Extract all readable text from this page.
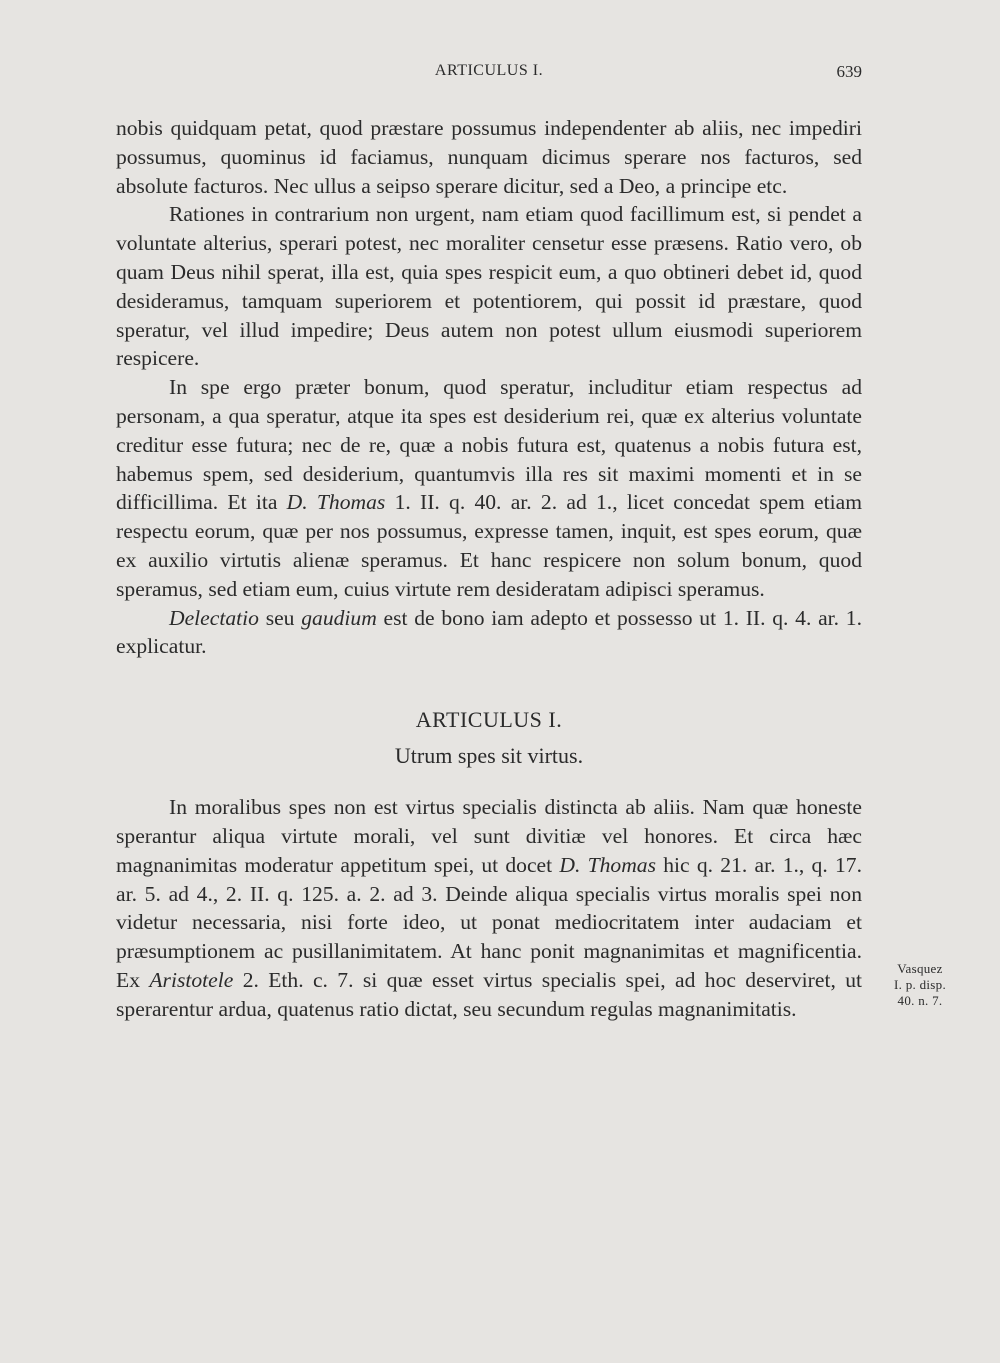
ARTICULUS I.	639

nobis quidquam petat, quod præstare possumus independenter ab aliis, nec impediri possumus, quominus id faciamus, nunquam dicimus sperare nos facturos, sed absolute facturos. Nec ullus a seipso sperare dicitur, sed a Deo, a principe etc.

Rationes in contrarium non urgent, nam etiam quod facillimum est, si pendet a voluntate alterius, sperari potest, nec moraliter censetur esse præsens. Ratio vero, ob quam Deus nihil sperat, illa est, quia spes respicit eum, a quo obtineri debet id, quod desideramus, tamquam superiorem et potentiorem, qui possit id præstare, quod speratur, vel illud impedire; Deus autem non potest ullum eiusmodi superiorem respicere.

In spe ergo præter bonum, quod speratur, includitur etiam respectus ad personam, a qua speratur, atque ita spes est desiderium rei, quæ ex alterius voluntate creditur esse futura; nec de re, quæ a nobis futura est, quatenus a nobis futura est, habemus spem, sed desiderium, quantumvis illa res sit maximi momenti et in se difficillima. Et ita D. Thomas 1. II. q. 40. ar. 2. ad 1., licet concedat spem etiam respectu eorum, quæ per nos possumus, expresse tamen, inquit, est spes eorum, quæ ex auxilio virtutis alienæ speramus. Et hanc respicere non solum bonum, quod speramus, sed etiam eum, cuius virtute rem desideratam adipisci speramus.

Delectatio seu gaudium est de bono iam adepto et possesso ut 1. II. q. 4. ar. 1. explicatur.

ARTICULUS I.
Utrum spes sit virtus.

In moralibus spes non est virtus specialis distincta ab aliis. Nam quæ honeste sperantur aliqua virtute morali, vel sunt divitiæ vel honores. Et circa hæc magnanimitas moderatur appetitum spei, ut docet D. Thomas hic q. 21. ar. 1., q. 17. ar. 5. ad 4., 2. II. q. 125. a. 2. ad 3. Deinde aliqua specialis virtus moralis spei non videtur necessaria, nisi forte ideo, ut ponat mediocritatem inter audaciam et præsumptionem ac pusillanimitatem. At hanc ponit magnanimitas et magnificentia. Ex Aristotele 2. Eth. c. 7. si quæ esset virtus specialis spei, ad hoc deserviret, ut sperarentur ardua, quatenus ratio dictat, seu secundum regulas magnanimitatis.

Vasquez
I. p. disp.
40. n. 7.
